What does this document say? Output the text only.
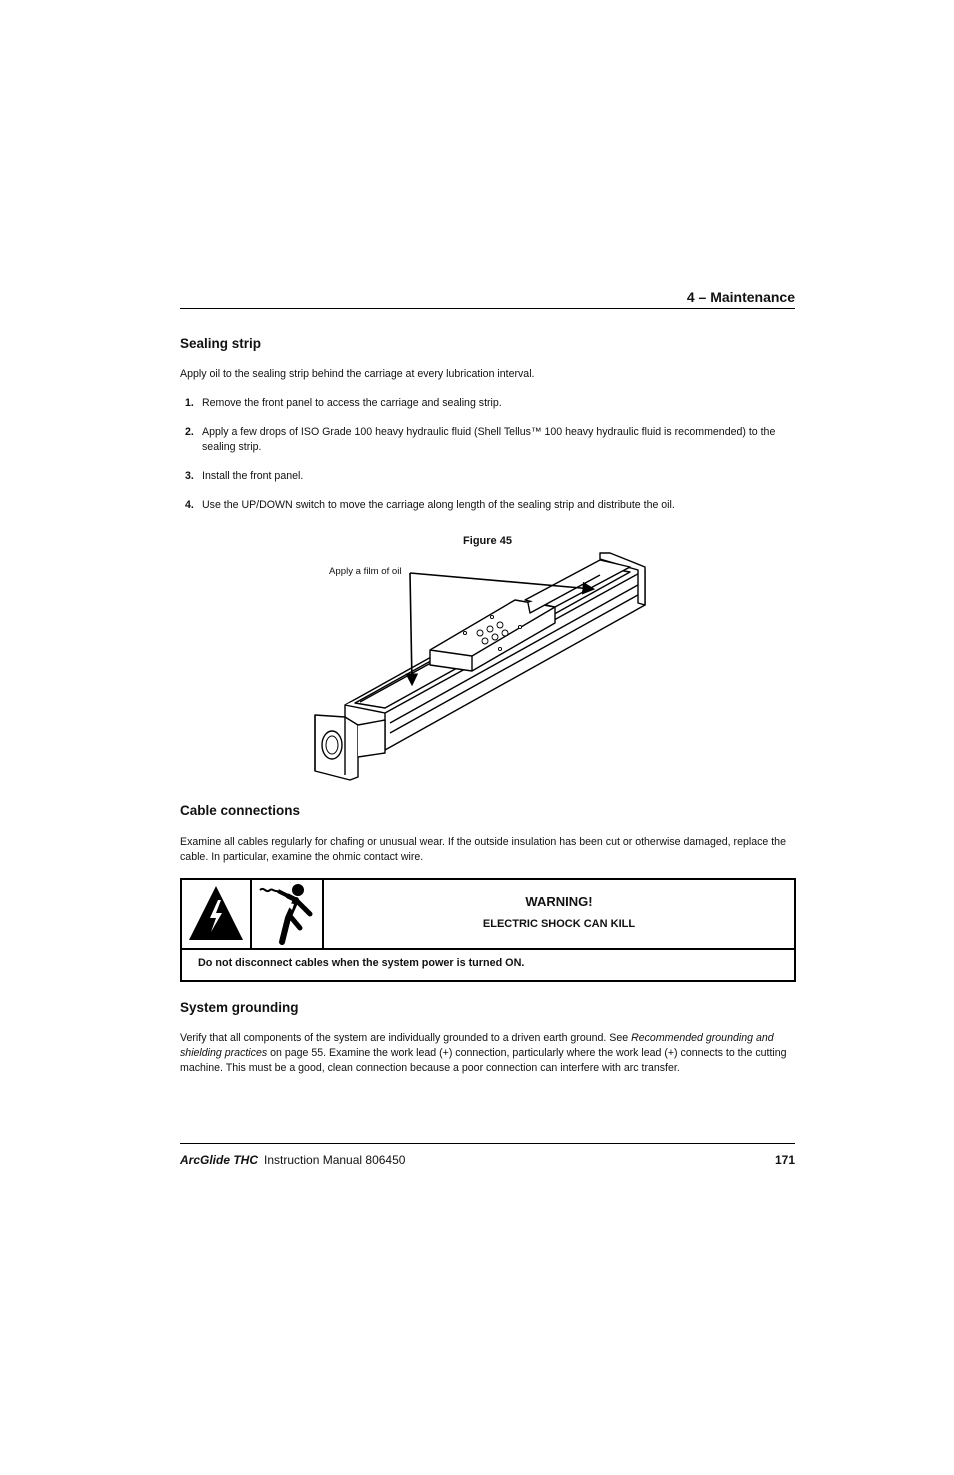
4 – Maintenance
Sealing strip
Apply oil to the sealing strip behind the carriage at every lubrication interval.
1. Remove the front panel to access the carriage and sealing strip.
2. Apply a few drops of ISO Grade 100 heavy hydraulic fluid (Shell Tellus™ 100 heavy hydraulic fluid is recommended) to the sealing strip.
3. Install the front panel.
4. Use the UP/DOWN switch to move the carriage along length of the sealing strip and distribute the oil.
Figure 45
Apply a film of oil
Cable connections
Examine all cables regularly for chafing or unusual wear. If the outside insulation has been cut or otherwise damaged, replace the cable. In particular, examine the ohmic contact wire.
WARNING!
ELECTRIC SHOCK CAN KILL
Do not disconnect cables when the system power is turned ON.
System grounding
Verify that all components of the system are individually grounded to a driven earth ground. See Recommended grounding and shielding practices on page 55. Examine the work lead (+) connection, particularly where the work lead (+) connects to the cutting machine. This must be a good, clean connection because a poor connection can interfere with arc transfer.
ArcGlide THC Instruction Manual 806450	171
